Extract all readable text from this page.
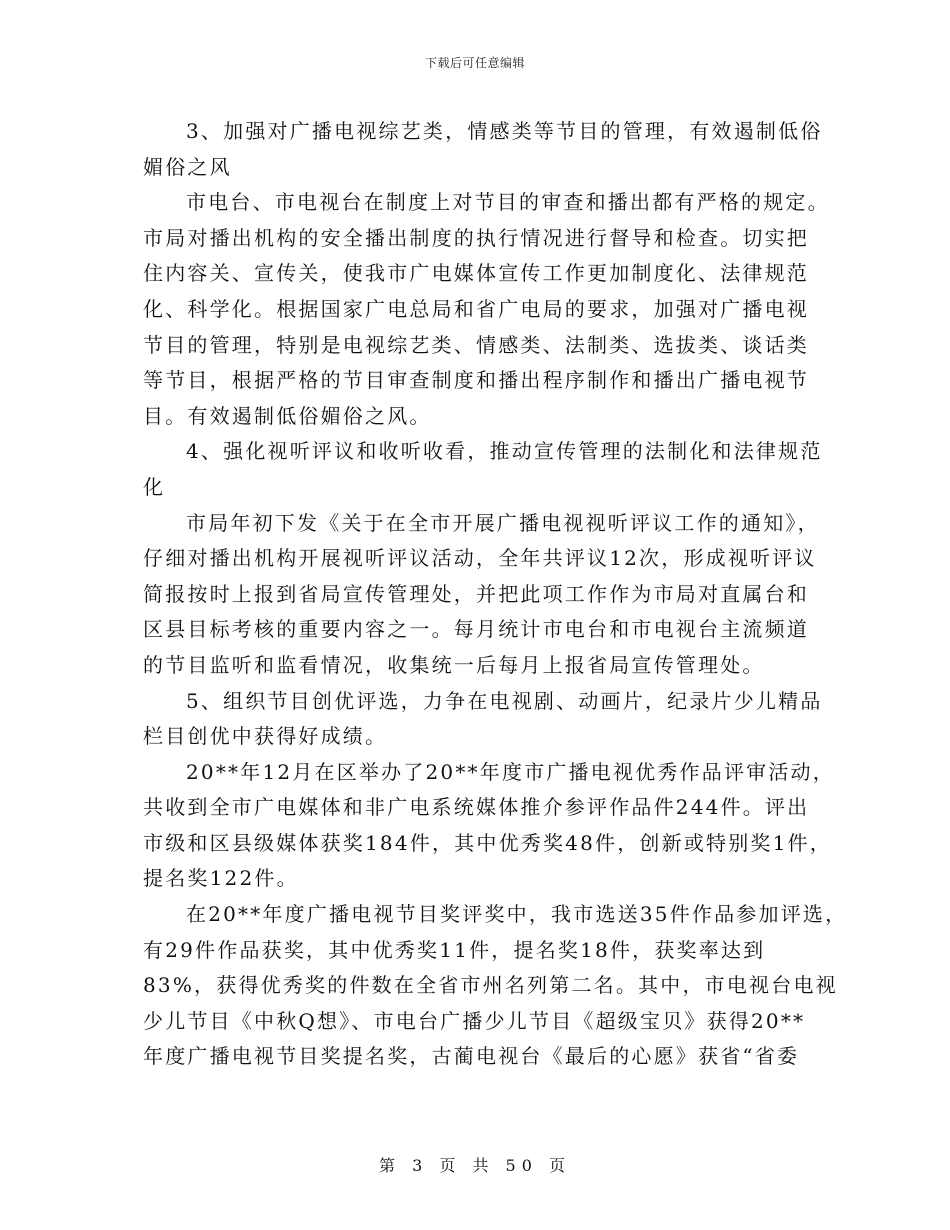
下载后可任意编辑
3、加强对广播电视综艺类，情感类等节目的管理，有效遏制低俗
媚俗之风
市电台、市电视台在制度上对节目的审查和播出都有严格的规定。
市局对播出机构的安全播出制度的执行情况进行督导和检查。切实把
住内容关、宣传关，使我市广电媒体宣传工作更加制度化、法律规范
化、科学化。根据国家广电总局和省广电局的要求，加强对广播电视
节目的管理，特别是电视综艺类、情感类、法制类、选拔类、谈话类
等节目，根据严格的节目审查制度和播出程序制作和播出广播电视节
目。有效遏制低俗媚俗之风。
4、强化视听评议和收听收看，推动宣传管理的法制化和法律规范
化
市局年初下发《关于在全市开展广播电视视听评议工作的通知》，
仔细对播出机构开展视听评议活动，全年共评议12次，形成视听评议
简报按时上报到省局宣传管理处，并把此项工作作为市局对直属台和
区县目标考核的重要内容之一。每月统计市电台和市电视台主流频道
的节目监听和监看情况，收集统一后每月上报省局宣传管理处。
5、组织节目创优评选，力争在电视剧、动画片，纪录片少儿精品
栏目创优中获得好成绩。
20**年12月在区举办了20**年度市广播电视优秀作品评审活动，
共收到全市广电媒体和非广电系统媒体推介参评作品件244件。评出
市级和区县级媒体获奖184件，其中优秀奖48件，创新或特别奖1件，
提名奖122件。
在20**年度广播电视节目奖评奖中，我市选送35件作品参加评选，
有29件作品获奖，其中优秀奖11件，提名奖18件，获奖率达到
83%，获得优秀奖的件数在全省市州名列第二名。其中，市电视台电视
少儿节目《中秋Q想》、市电台广播少儿节目《超级宝贝》获得20**
年度广播电视节目奖提名奖，古蔺电视台《最后的心愿》获省“省委
第 3 页 共 50 页
